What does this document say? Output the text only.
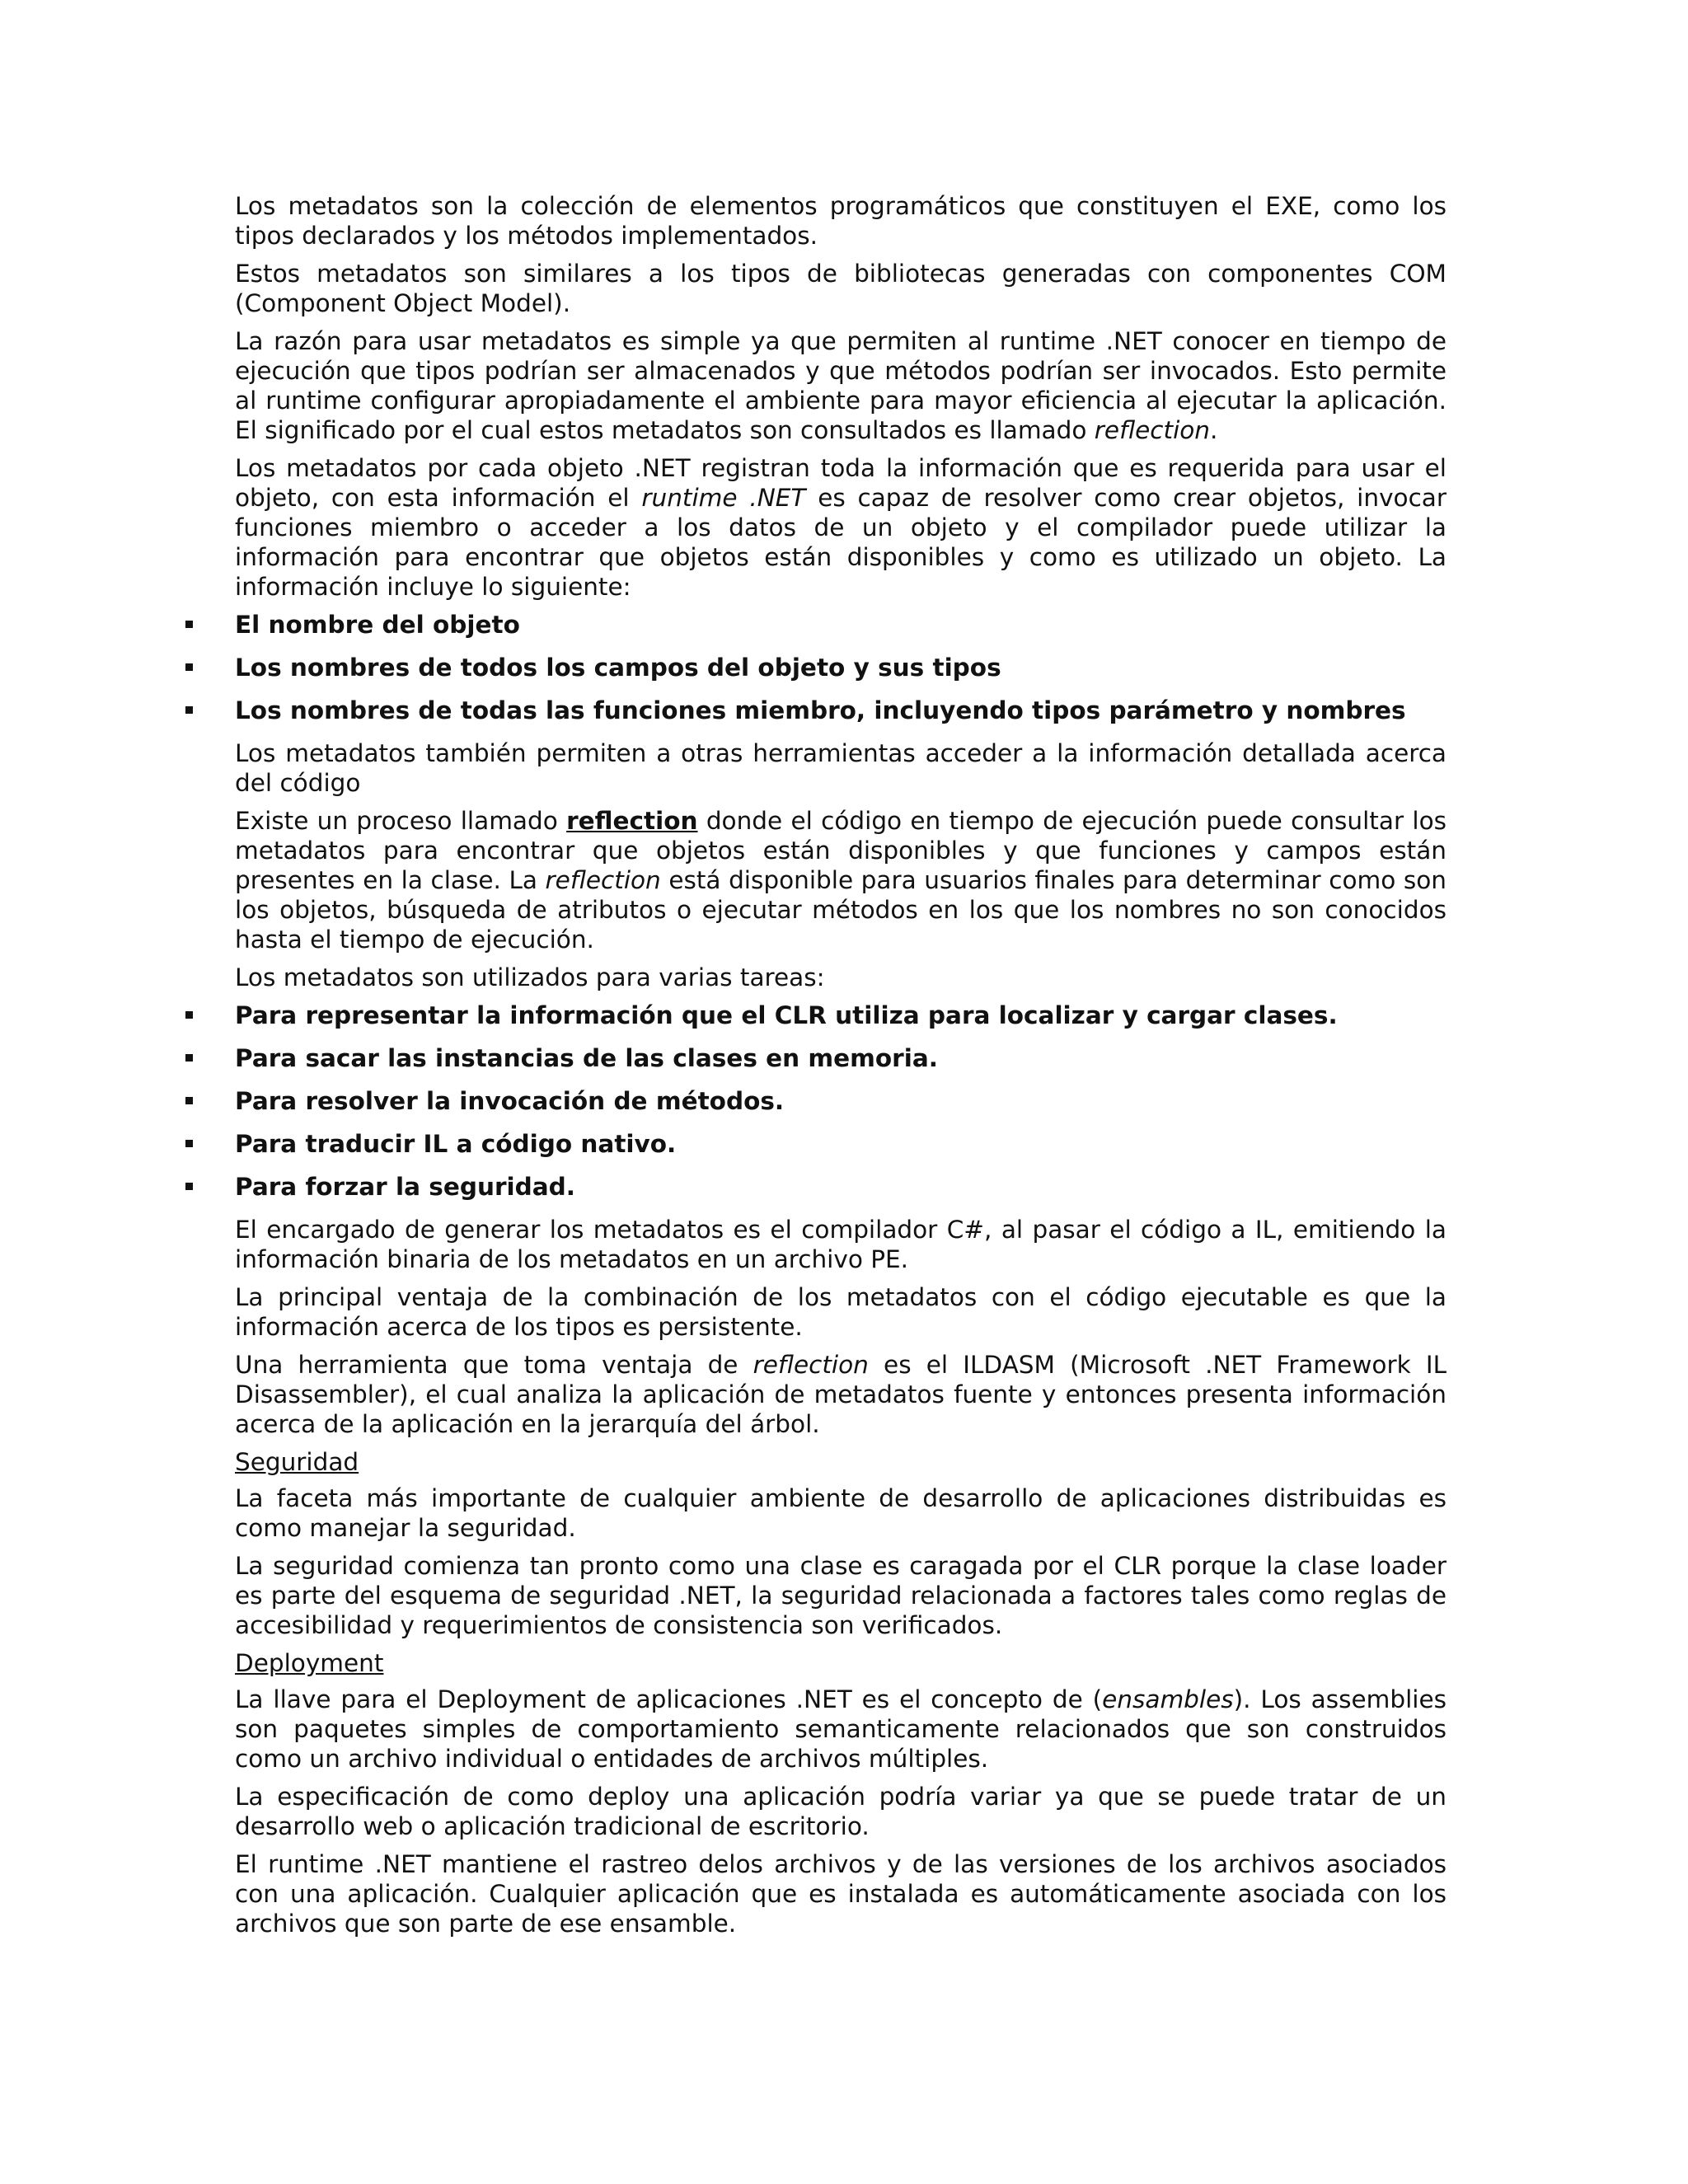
Los metadatos son la colección de elementos programáticos que constituyen el EXE, como los tipos declarados y los métodos implementados.

Estos metadatos son similares a los tipos de bibliotecas generadas con componentes COM (Component Object Model).

La razón para usar metadatos es simple ya que permiten al runtime .NET conocer en tiempo de ejecución que tipos podrían ser almacenados y que métodos podrían ser invocados. Esto permite al runtime configurar apropiadamente el ambiente para mayor eficiencia al ejecutar la aplicación. El significado por el cual estos metadatos son consultados es llamado reflection.

Los metadatos por cada objeto .NET registran toda la información que es requerida para usar el objeto, con esta información el runtime .NET es capaz de resolver como crear objetos, invocar funciones miembro o acceder a los datos de un objeto y el compilador puede utilizar la información para encontrar que objetos están disponibles y como es utilizado un objeto. La información incluye lo siguiente:

El nombre del objeto
Los nombres de todos los campos del objeto y sus tipos
Los nombres de todas las funciones miembro, incluyendo tipos parámetro y nombres

Los metadatos también permiten a otras herramientas acceder a la información detallada acerca del código

Existe un proceso llamado reflection donde el código en tiempo de ejecución puede consultar los metadatos para encontrar que objetos están disponibles y que funciones y campos están presentes en la clase. La reflection está disponible para usuarios finales para determinar como son los objetos, búsqueda de atributos o ejecutar métodos en los que los nombres no son conocidos hasta el tiempo de ejecución.

Los metadatos son utilizados para varias tareas:

Para representar la información que el CLR utiliza para localizar y cargar clases.
Para sacar las instancias de las clases en memoria.
Para resolver la invocación de métodos.
Para traducir IL a código nativo.
Para forzar la seguridad.

El encargado de generar los metadatos es el compilador C#, al pasar el código a IL, emitiendo la información binaria de los metadatos en un archivo PE.

La principal ventaja de la combinación de los metadatos con el código ejecutable es que la información acerca de los tipos es persistente.

Una herramienta que toma ventaja de reflection es el ILDASM (Microsoft .NET Framework IL Disassembler), el cual analiza la aplicación de metadatos fuente y entonces presenta información acerca de la aplicación en la jerarquía del árbol.

Seguridad

La faceta más importante de cualquier ambiente de desarrollo de aplicaciones distribuidas es como manejar la seguridad.

La seguridad comienza tan pronto como una clase es caragada por el CLR porque la clase loader es parte del esquema de seguridad .NET, la seguridad relacionada a factores tales como reglas de accesibilidad y requerimientos de consistencia son verificados.

Deployment

La llave para el Deployment de aplicaciones .NET es el concepto de (ensambles). Los assemblies son paquetes simples de comportamiento semanticamente relacionados que son construidos como un archivo individual o entidades de archivos múltiples.

La especificación de como deploy una aplicación podría variar ya que se puede tratar de un desarrollo web o aplicación tradicional de escritorio.

El runtime .NET mantiene el rastreo delos archivos y de las versiones de los archivos asociados con una aplicación. Cualquier aplicación que es instalada es automáticamente asociada con los archivos que son parte de ese ensamble.
